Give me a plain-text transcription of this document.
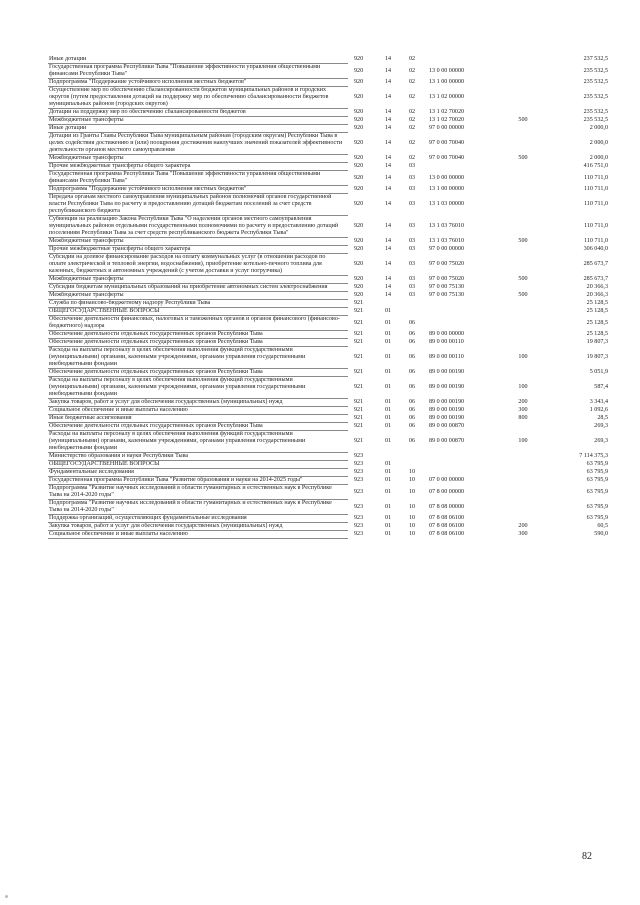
Иные дотации	920	14	02			237 532,5
Государственная программа Республики Тыва "Повышение эффективности управления общественными финансами Республики Тыва"	920	14	02	13 0 00 00000		235 532,5
Подпрограмма "Поддержание устойчивого исполнения местных бюджетов"	920	14	02	13 1 00 00000		235 532,5
Осуществление мер по обеспечению сбалансированности бюджетов муниципальных районов и городских округов (путем предоставления дотаций на поддержку мер по обеспечению сбалансированности бюджетов муниципальных районов (городских округов)	920	14	02	13 1 02 00000		235 532,5
Дотации на поддержку мер по обеспечению сбалансированности бюджетов	920	14	02	13 1 02 70020		235 532,5
Межбюджетные трансферты	920	14	02	13 1 02 70020	500	235 532,5
Иные дотации	920	14	02	97 0 00 00000		2 000,0
Дотации из Гранты Главы Республики Тыва муниципальным районам (городским округам) Республики Тыва в целях содействия достижению и (или) поощрения достижения наилучших значений показателей эффективности деятельности органов местного самоуправления	920	14	02	97 0 00 70040		2 000,0
Межбюджетные трансферты	920	14	02	97 0 00 70040	500	2 000,0
Прочие межбюджетные трансферты общего характера	920	14	03			416 751,0
Государственная программа Республики Тыва "Повышение эффективности управления общественными финансами Республики Тыва"	920	14	03	13 0 00 00000		110 711,0
Подпрограмма "Поддержание устойчивого исполнения местных бюджетов"	920	14	03	13 1 00 00000		110 711,0
Передача органам местного самоуправления муниципальных районов полномочий органов государственной власти Республики Тыва по расчету и предоставлению дотаций бюджетам поселений за счет средств республиканского бюджета	920	14	03	13 1 03 00000		110 711,0
Субвенции на реализацию Закона Республики Тыва "О наделении органов местного самоуправления муниципальных районов отдельными государственными полномочиями по расчету и предоставлению дотаций поселениям Республики Тыва за счет средств республиканского бюджета Республики Тыва"	920	14	03	13 1 03 76010		110 711,0
Межбюджетные трансферты	920	14	03	13 1 03 76010	500	110 711,0
Прочие межбюджетные трансферты общего характера	920	14	03	97 0 00 00000		306 040,0
Субсидии на долевое финансирование расходов на оплату коммунальных услуг (в отношении расходов по оплате электрической и тепловой энергии, водоснабжения), приобретение котельно-печного топлива для казенных, бюджетных и автономных учреждений (с учетом доставки и услуг погрузчика)	920	14	03	97 0 00 75020		285 673,7
Межбюджетные трансферты	920	14	03	97 0 00 75020	500	285 673,7
Субсидии бюджетам муниципальных образований на приобретение автономных систем электроснабжения	920	14	03	97 0 00 75130		20 366,3
Межбюджетные трансферты	920	14	03	97 0 00 75130	500	20 366,3
Служба по финансово-бюджетному надзору Республики Тыва	921					25 128,5
ОБЩЕГОСУДАРСТВЕННЫЕ ВОПРОСЫ	921	01				25 128,5
Обеспечение деятельности финансовых, налоговых и таможенных органов и органов финансового (финансово-бюджетного) надзора	921	01	06			25 128,5
Обеспечение деятельности отдельных государственных органов Республики Тыва	921	01	06	89 0 00 00000		25 128,5
Обеспечение деятельности отдельных государственных органов Республики Тыва	921	01	06	89 0 00 00110		19 807,3
Расходы на выплаты персоналу в целях обеспечения выполнения функций государственными (муниципальными) органами, казенными учреждениями, органами управления государственными внебюджетными фондами	921	01	06	89 0 00 00110	100	19 807,3
Обеспечение деятельности отдельных государственных органов Республики Тыва	921	01	06	89 0 00 00190		5 051,9
Расходы на выплаты персоналу в целях обеспечения выполнения функций государственными (муниципальными) органами, казенными учреждениями, органами управления государственными внебюджетными фондами	921	01	06	89 0 00 00190	100	587,4
Закупка товаров, работ и услуг для обеспечения государственных (муниципальных) нужд	921	01	06	89 0 00 00190	200	3 343,4
Социальное обеспечение и иные выплаты населению	921	01	06	89 0 00 00190	300	1 092,6
Иные бюджетные ассигнования	921	01	06	89 0 00 00190	800	28,5
Обеспечение деятельности отдельных государственных органов Республики Тыва	921	01	06	89 0 00 00870		269,3
Расходы на выплаты персоналу в целях обеспечения выполнения функций государственными (муниципальными) органами, казенными учреждениями, органами управления государственными внебюджетными фондами	921	01	06	89 0 00 00870	100	269,3
Министерство образования и науки Республики Тыва	923					7 114 375,3
ОБЩЕГОСУДАРСТВЕННЫЕ ВОПРОСЫ	923	01				63 795,9
Фундаментальные исследования	923	01	10			63 795,9
Государственная программа Республики Тыва "Развитие образования и науки на 2014-2025 годы"	923	01	10	07 0 00 00000		63 795,9
Подпрограмма "Развитие научных исследований в области гуманитарных и естественных наук в Республике Тыва на 2014-2020 годы"	923	01	10	07 8 00 00000		63 795,9
Подпрограмма "Развитие научных исследований в области гуманитарных и естественных наук в Республике Тыва на 2014-2020 годы"	923	01	10	07 8 08 00000		63 795,9
Поддержка организаций, осуществляющих фундаментальные исследования	923	01	10	07 8 08 06100		63 795,9
Закупка товаров, работ и услуг для обеспечения государственных (муниципальных) нужд	923	01	10	07 8 08 06100	200	60,5
Социальное обеспечение и иные выплаты населению	923	01	10	07 8 08 06100	300	590,0
82
